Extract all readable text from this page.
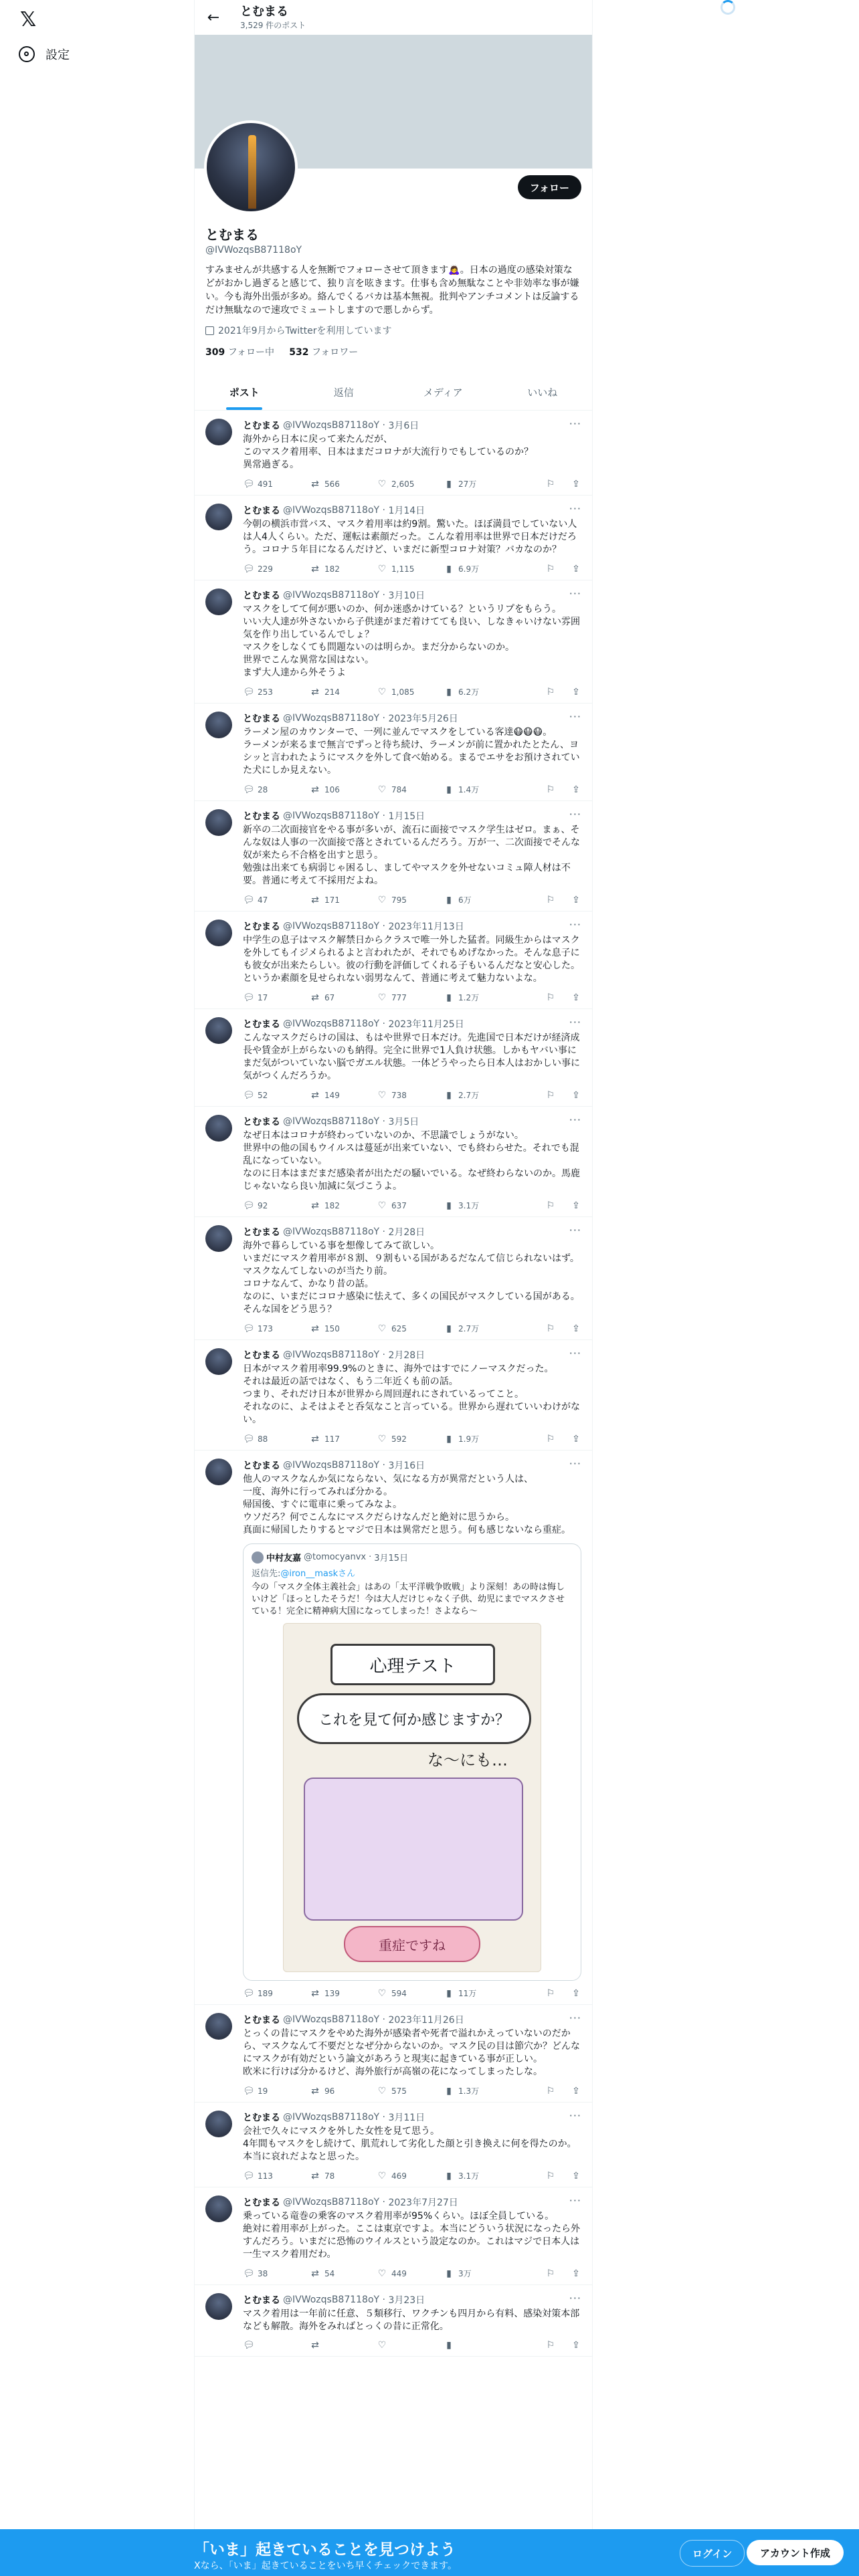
𝕏
設定
←	とむまる
3,529 件のポスト
フォロー
とむまる
@IVWozqsB87118oY
すみませんが共感する人を無断でフォローさせて頂きます🙇‍♀️。日本の過度の感染対策などがおかし過ぎると感じて、独り言を呟きます。仕事も含め無駄なことや非効率な事が嫌い。今も海外出張が多め。絡んでくるバカは基本無視。批判やアンチコメントは反論するだけ無駄なので速攻でミュートしますので悪しからず。
2021年9月からTwitterを利用しています
309 フォロー中 532 フォロワー
ポスト	返信	メディア	いいね
···
とむまる @IVWozqsB87118oY · 3月6日
海外から日本に戻って来たんだが、
このマスク着用率、日本はまだコロナが大流行りでもしているのか？
異常過ぎる。
💬︎ 491	⇄ 566	♡ 2,605	▮ 27万	⚐ ⇪
···
とむまる @IVWozqsB87118oY · 1月14日
今朝の横浜市営バス、マスク着用率は約9割。驚いた。ほぼ満員でしていない人は人4人くらい。ただ、運転は素顔だった。こんな着用率は世界で日本だけだろう。コロナ５年目になるんだけど、いまだに新型コロナ対策？バカなのか？
💬︎ 229	⇄ 182	♡ 1,115	▮ 6.9万	⚐ ⇪
···
とむまる @IVWozqsB87118oY · 3月10日
マスクをしてて何が悪いのか、何か迷惑かけている？というリプをもらう。
いい大人達が外さないから子供達がまだ着けてても良い、しなきゃいけない雰囲気を作り出しているんでしょ？
マスクをしなくても問題ないのは明らか。まだ分からないのか。
世界でこんな異常な国はない。
まず大人達から外そうよ
💬︎ 253	⇄ 214	♡ 1,085	▮ 6.2万	⚐ ⇪
···
とむまる @IVWozqsB87118oY · 2023年5月26日
ラーメン屋のカウンターで、一列に並んでマスクをしている客達😷😷😷。
ラーメンが来るまで無言でずっと待ち続け、ラーメンが前に置かれたとたん、ヨシッと言われたようにマスクを外して食べ始める。まるでエサをお預けされていた犬にしか見えない。
💬︎ 28	⇄ 106	♡ 784	▮ 1.4万	⚐ ⇪
···
とむまる @IVWozqsB87118oY · 1月15日
新卒の二次面接官をやる事が多いが、流石に面接でマスク学生はゼロ。まぁ、そんな奴は人事の一次面接で落とされているんだろう。万が一、二次面接でそんな奴が来たら不合格を出すと思う。
勉強は出来ても病弱じゃ困るし、ましてやマスクを外せないコミュ障人材は不要。普通に考えて不採用だよね。
💬︎ 47	⇄ 171	♡ 795	▮ 6万	⚐ ⇪
···
とむまる @IVWozqsB87118oY · 2023年11月13日
中学生の息子はマスク解禁日からクラスで唯一外した猛者。同級生からはマスクを外してもイジメられるよと言われたが、それでもめげなかった。そんな息子にも彼女が出来たらしい。彼の行動を評価してくれる子もいるんだなと安心した。というか素顔を見せられない弱男なんて、普通に考えて魅力ないよな。
💬︎ 17	⇄ 67	♡ 777	▮ 1.2万	⚐ ⇪
···
とむまる @IVWozqsB87118oY · 2023年11月25日
こんなマスクだらけの国は、もはや世界で日本だけ。先進国で日本だけが経済成長や賃金が上がらないのも納得。完全に世界で1人負け状態。しかもヤバい事にまだ気がついていない脳でガエル状態。一体どうやったら日本人はおかしい事に気がつくんだろうか。
💬︎ 52	⇄ 149	♡ 738	▮ 2.7万	⚐ ⇪
···
とむまる @IVWozqsB87118oY · 3月5日
なぜ日本はコロナが終わっていないのか、不思議でしょうがない。
世界中の他の国もウイルスは蔓延が出来ていない、でも終わらせた。それでも混乱になっていない。
なのに日本はまだまだ感染者が出ただの騒いでいる。なぜ終わらないのか。馬鹿じゃないなら良い加減に気づこうよ。
💬︎ 92	⇄ 182	♡ 637	▮ 3.1万	⚐ ⇪
···
とむまる @IVWozqsB87118oY · 2月28日
海外で暮らしている事を想像してみて欲しい。
いまだにマスク着用率が８割、９割もいる国があるだなんて信じられないはず。マスクなんてしないのが当たり前。
コロナなんて、かなり昔の話。
なのに、いまだにコロナ感染に怯えて、多くの国民がマスクしている国がある。そんな国をどう思う？
💬︎ 173	⇄ 150	♡ 625	▮ 2.7万	⚐ ⇪
···
とむまる @IVWozqsB87118oY · 2月28日
日本がマスク着用率99.9%のときに、海外ではすでにノーマスクだった。
それは最近の話ではなく、もう二年近くも前の話。
つまり、それだけ日本が世界から周回遅れにされているってこと。
それなのに、よそはよそと呑気なこと言っている。世界から遅れていいわけがない。
💬︎ 88	⇄ 117	♡ 592	▮ 1.9万	⚐ ⇪
···
とむまる @IVWozqsB87118oY · 3月16日
他人のマスクなんか気にならない、気になる方が異常だという人は、
一度、海外に行ってみれば分かる。
帰国後、すぐに電車に乗ってみなよ。
ウソだろ？何でこんなにマスクだらけなんだと絶対に思うから。
真面に帰国したりするとマジで日本は異常だと思う。何も感じないなら重症。
中村友嘉 @tomocyanvx · 3月15日
返信先:@iron__maskさん
今の「マスク全体主義社会」はあの「太平洋戦争敗戦」より深刻！あの時は悔しいけど「ほっとしたそうだ！今は大人だけじゃなく子供、幼児にまでマスクさせている！完全に精神病大国になってしまった！さよなら～
心理テスト
これを見て何か感じますか？
な～にも…
重症ですね
💬︎ 189	⇄ 139	♡ 594	▮ 11万	⚐ ⇪
···
とむまる @IVWozqsB87118oY · 2023年11月26日
とっくの昔にマスクをやめた海外が感染者や死者で溢れかえっていないのだから、マスクなんて不要だとなぜ分からないのか。マスク民の目は節穴か？どんなにマスクが有効だという論文があろうと現実に起きている事が正しい。
欧米に行けば分かるけど、海外旅行が高嶺の花になってしまったしな。
💬︎ 19	⇄ 96	♡ 575	▮ 1.3万	⚐ ⇪
···
とむまる @IVWozqsB87118oY · 3月11日
会社で久々にマスクを外した女性を見て思う。
4年間もマスクをし続けて、肌荒れして劣化した顔と引き換えに何を得たのか。
本当に哀れだよなと思った。
💬︎ 113	⇄ 78	♡ 469	▮ 3.1万	⚐ ⇪
···
とむまる @IVWozqsB87118oY · 2023年7月27日
乗っている竜巻の乗客のマスク着用率が95%くらい。ほぼ全員している。
絶対に着用率が上がった。ここは東京ですよ。本当にどういう状況になったら外すんだろう。いまだに恐怖のウイルスという設定なのか。これはマジで日本人は一生マスク着用だわ。
💬︎ 38	⇄ 54	♡ 449	▮ 3万	⚐ ⇪
···
とむまる @IVWozqsB87118oY · 3月23日
マスク着用は一年前に任意、５類移行、ワクチンも四月から有料、感染対策本部なども解散。海外をみればとっくの昔に正常化。
💬︎	⇄	♡	▮	⚐ ⇪
「いま」起きていることを見つけよう
Xなら、「いま」起きていることをいち早くチェックできます。
ログイン	アカウント作成
